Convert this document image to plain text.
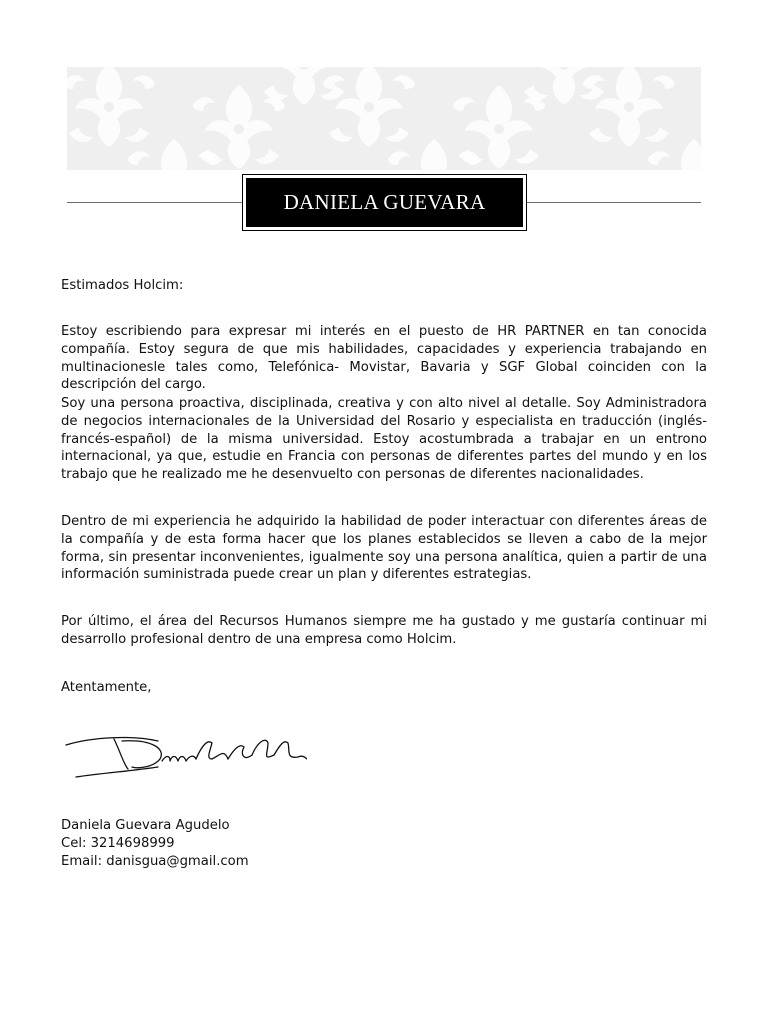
DANIELA GUEVARA
Estimados Holcim:
Estoy escribiendo para expresar mi interés en el puesto de HR PARTNER en tan conocida compañía. Estoy segura de que mis habilidades, capacidades y experiencia trabajando en multinacionesle tales como, Telefónica- Movistar, Bavaria y SGF Global coinciden con la descripción del cargo.
Soy una persona proactiva, disciplinada, creativa y con alto nivel al detalle. Soy Administradora de negocios internacionales de la Universidad del Rosario y especialista en traducción (inglés- francés-español) de la misma universidad. Estoy acostumbrada a trabajar en un entrono internacional, ya que, estudie en Francia con personas de diferentes partes del mundo y en los trabajo que he realizado me he desenvuelto con personas de diferentes nacionalidades.
Dentro de mi experiencia he adquirido la habilidad de poder interactuar con diferentes áreas de la compañía y de esta forma hacer que los planes establecidos se lleven a cabo de la mejor forma, sin presentar inconvenientes, igualmente soy una persona analítica, quien a partir de una información suministrada puede crear un plan y diferentes estrategias.
Por último, el área del Recursos Humanos siempre me ha gustado y me gustaría continuar mi desarrollo profesional dentro de una empresa como Holcim.
Atentamente,
Daniela Guevara Agudelo
Cel: 3214698999
Email: danisgua@gmail.com
